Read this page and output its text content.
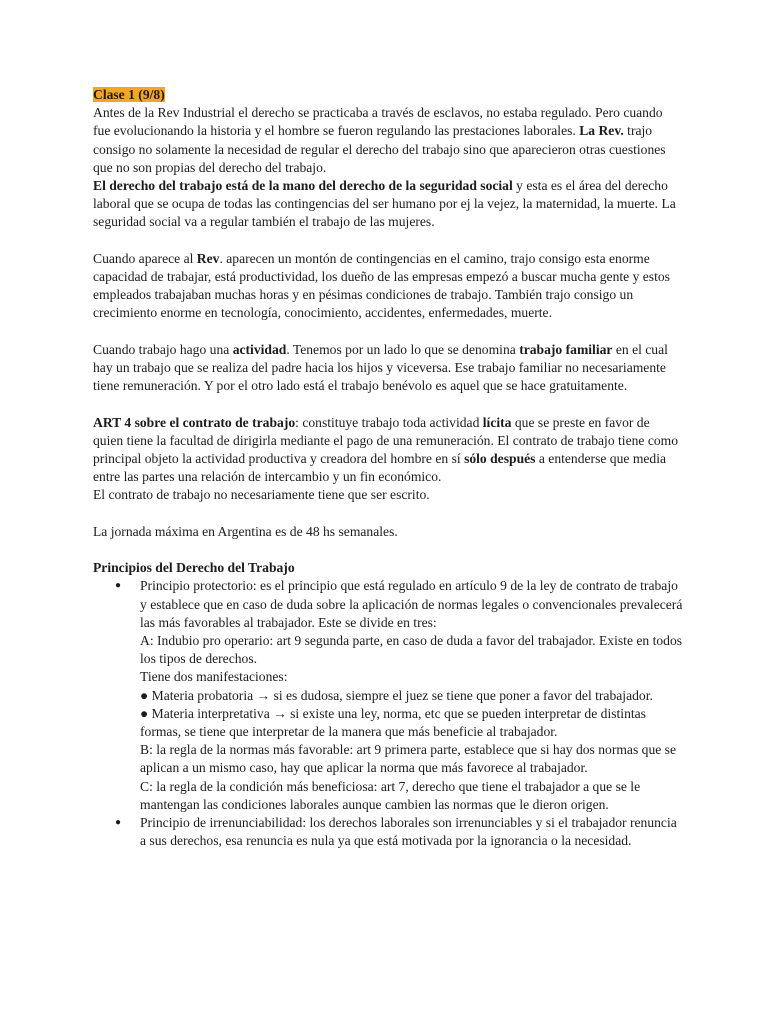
Clase 1 (9/8)
Antes de la Rev Industrial el derecho se practicaba a través de esclavos, no estaba regulado. Pero cuando fue evolucionando la historia y el hombre se fueron regulando las prestaciones laborales. La Rev. trajo consigo no solamente la necesidad de regular el derecho del trabajo sino que aparecieron otras cuestiones que no son propias del derecho del trabajo.

El derecho del trabajo está de la mano del derecho de la seguridad social y esta es el área del derecho laboral que se ocupa de todas las contingencias del ser humano por ej la vejez, la maternidad, la muerte. La seguridad social va a regular también el trabajo de las mujeres.

Cuando aparece al Rev. aparecen un montón de contingencias en el camino, trajo consigo esta enorme capacidad de trabajar, está productividad, los dueño de las empresas empezó a buscar mucha gente y estos empleados trabajaban muchas horas y en pésimas condiciones de trabajo. También trajo consigo un crecimiento enorme en tecnología, conocimiento, accidentes, enfermedades, muerte.

Cuando trabajo hago una actividad. Tenemos por un lado lo que se denomina trabajo familiar en el cual hay un trabajo que se realiza del padre hacia los hijos y viceversa. Ese trabajo familiar no necesariamente tiene remuneración. Y por el otro lado está el trabajo benévolo es aquel que se hace gratuitamente.

ART 4 sobre el contrato de trabajo: constituye trabajo toda actividad lícita que se preste en favor de quien tiene la facultad de dirigirla mediante el pago de una remuneración. El contrato de trabajo tiene como principal objeto la actividad productiva y creadora del hombre en sí sólo después a entenderse que media entre las partes una relación de intercambio y un fin económico.
El contrato de trabajo no necesariamente tiene que ser escrito.

La jornada máxima en Argentina es de 48 hs semanales.

Principios del Derecho del Trabajo

● Principio protectorio: es el principio que está regulado en artículo 9 de la ley de contrato de trabajo y establece que en caso de duda sobre la aplicación de normas legales o convencionales prevalecerá las más favorables al trabajador. Este se divide en tres:
A: Indubio pro operario: art 9 segunda parte, en caso de duda a favor del trabajador. Existe en todos los tipos de derechos.
Tiene dos manifestaciones:
● Materia probatoria → si es dudosa, siempre el juez se tiene que poner a favor del trabajador.
● Materia interpretativa → si existe una ley, norma, etc que se pueden interpretar de distintas formas, se tiene que interpretar de la manera que más beneficie al trabajador.
B: la regla de la normas más favorable: art 9 primera parte, establece que si hay dos normas que se aplican a un mismo caso, hay que aplicar la norma que más favorece al trabajador.
C: la regla de la condición más beneficiosa: art 7, derecho que tiene el trabajador a que se le mantengan las condiciones laborales aunque cambien las normas que le dieron origen.
● Principio de irrenunciabilidad: los derechos laborales son irrenunciables y si el trabajador renuncia a sus derechos, esa renuncia es nula ya que está motivada por la ignorancia o la necesidad.
